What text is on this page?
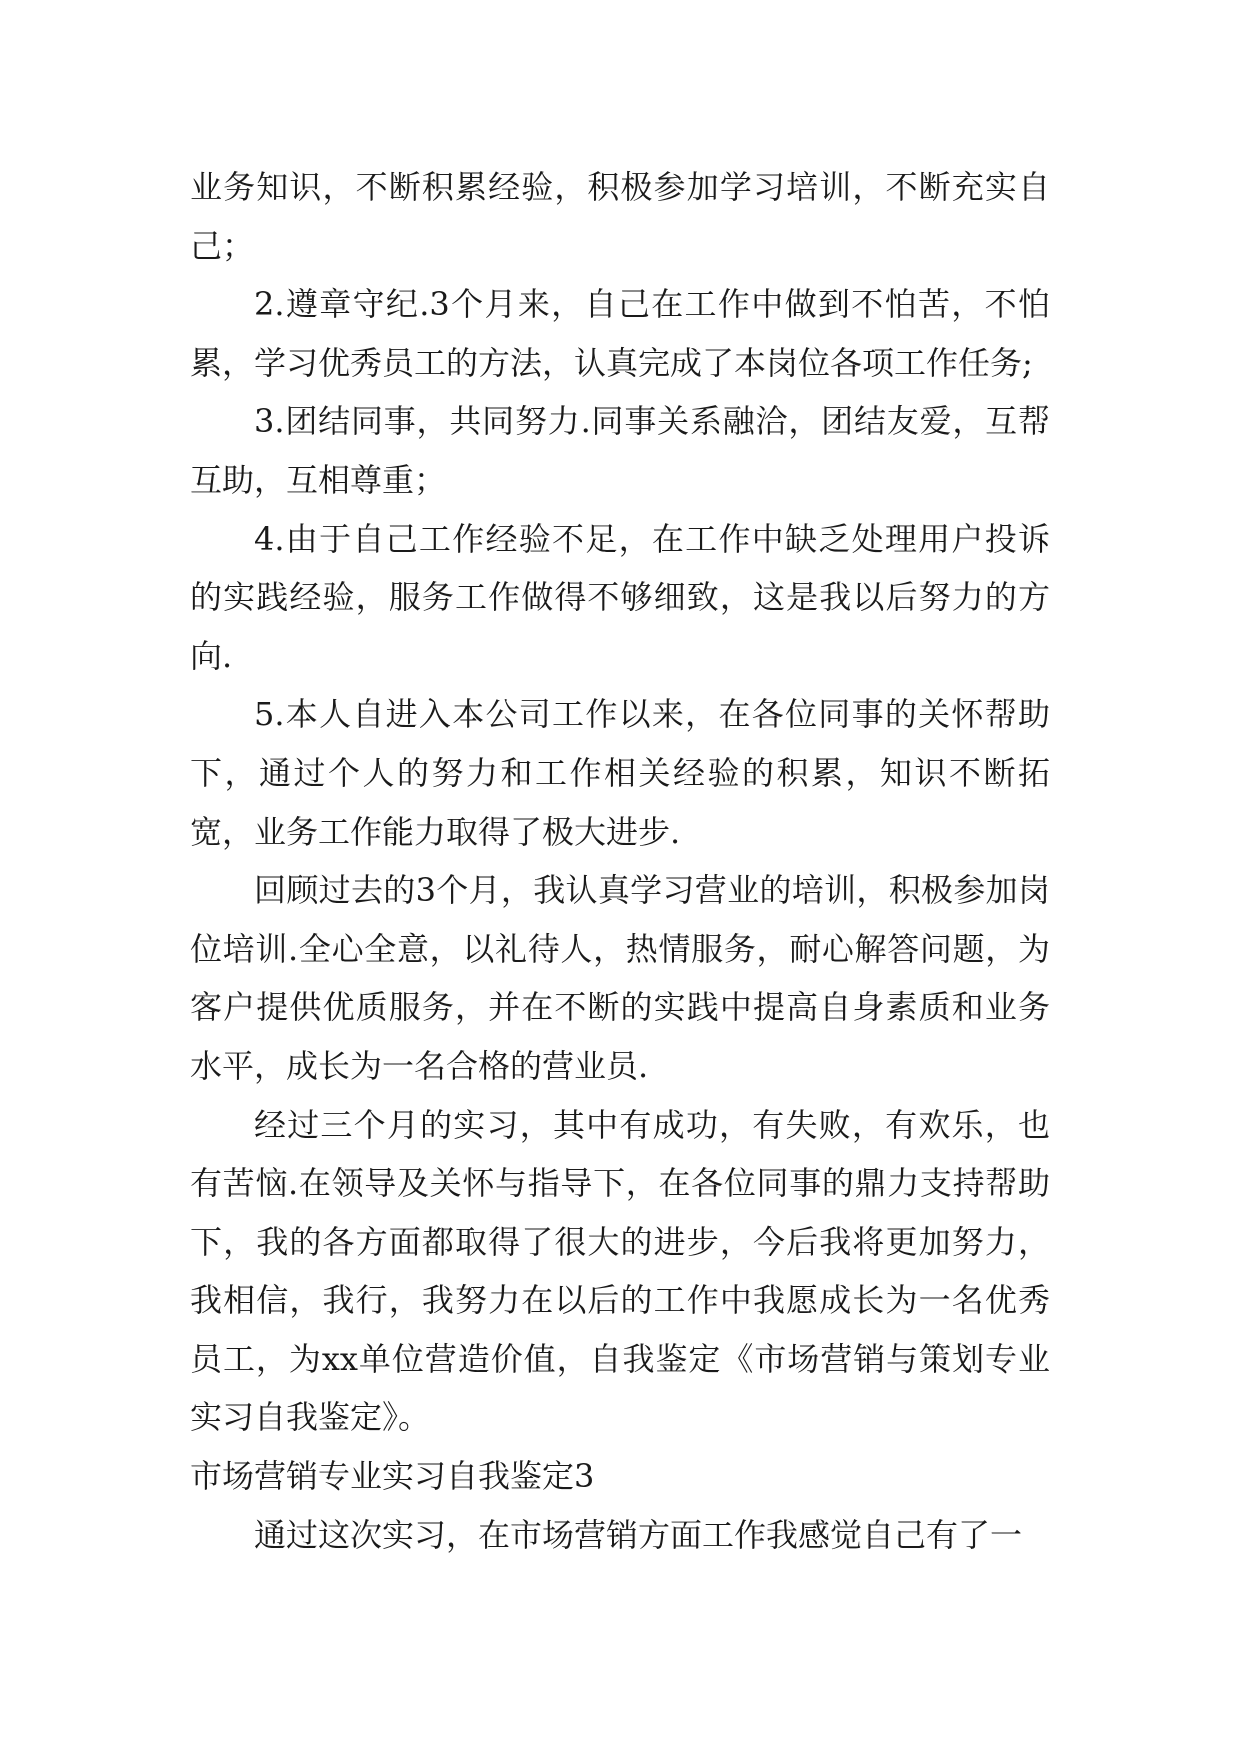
业务知识，不断积累经验，积极参加学习培训，不断充实自己；

2.遵章守纪.3个月来，自己在工作中做到不怕苦，不怕累，学习优秀员工的方法，认真完成了本岗位各项工作任务;

3.团结同事，共同努力.同事关系融洽，团结友爱，互帮互助，互相尊重；

4.由于自己工作经验不足，在工作中缺乏处理用户投诉的实践经验，服务工作做得不够细致，这是我以后努力的方向.

5.本人自进入本公司工作以来，在各位同事的关怀帮助下，通过个人的努力和工作相关经验的积累，知识不断拓宽，业务工作能力取得了极大进步.

回顾过去的3个月，我认真学习营业的培训，积极参加岗位培训.全心全意，以礼待人，热情服务，耐心解答问题，为客户提供优质服务，并在不断的实践中提高自身素质和业务水平，成长为一名合格的营业员.

经过三个月的实习，其中有成功，有失败，有欢乐，也有苦恼.在领导及关怀与指导下，在各位同事的鼎力支持帮助下，我的各方面都取得了很大的进步，今后我将更加努力，我相信，我行，我努力在以后的工作中我愿成长为一名优秀员工，为xx单位营造价值，自我鉴定《市场营销与策划专业实习自我鉴定》。

市场营销专业实习自我鉴定3

通过这次实习，在市场营销方面工作我感觉自己有了一
